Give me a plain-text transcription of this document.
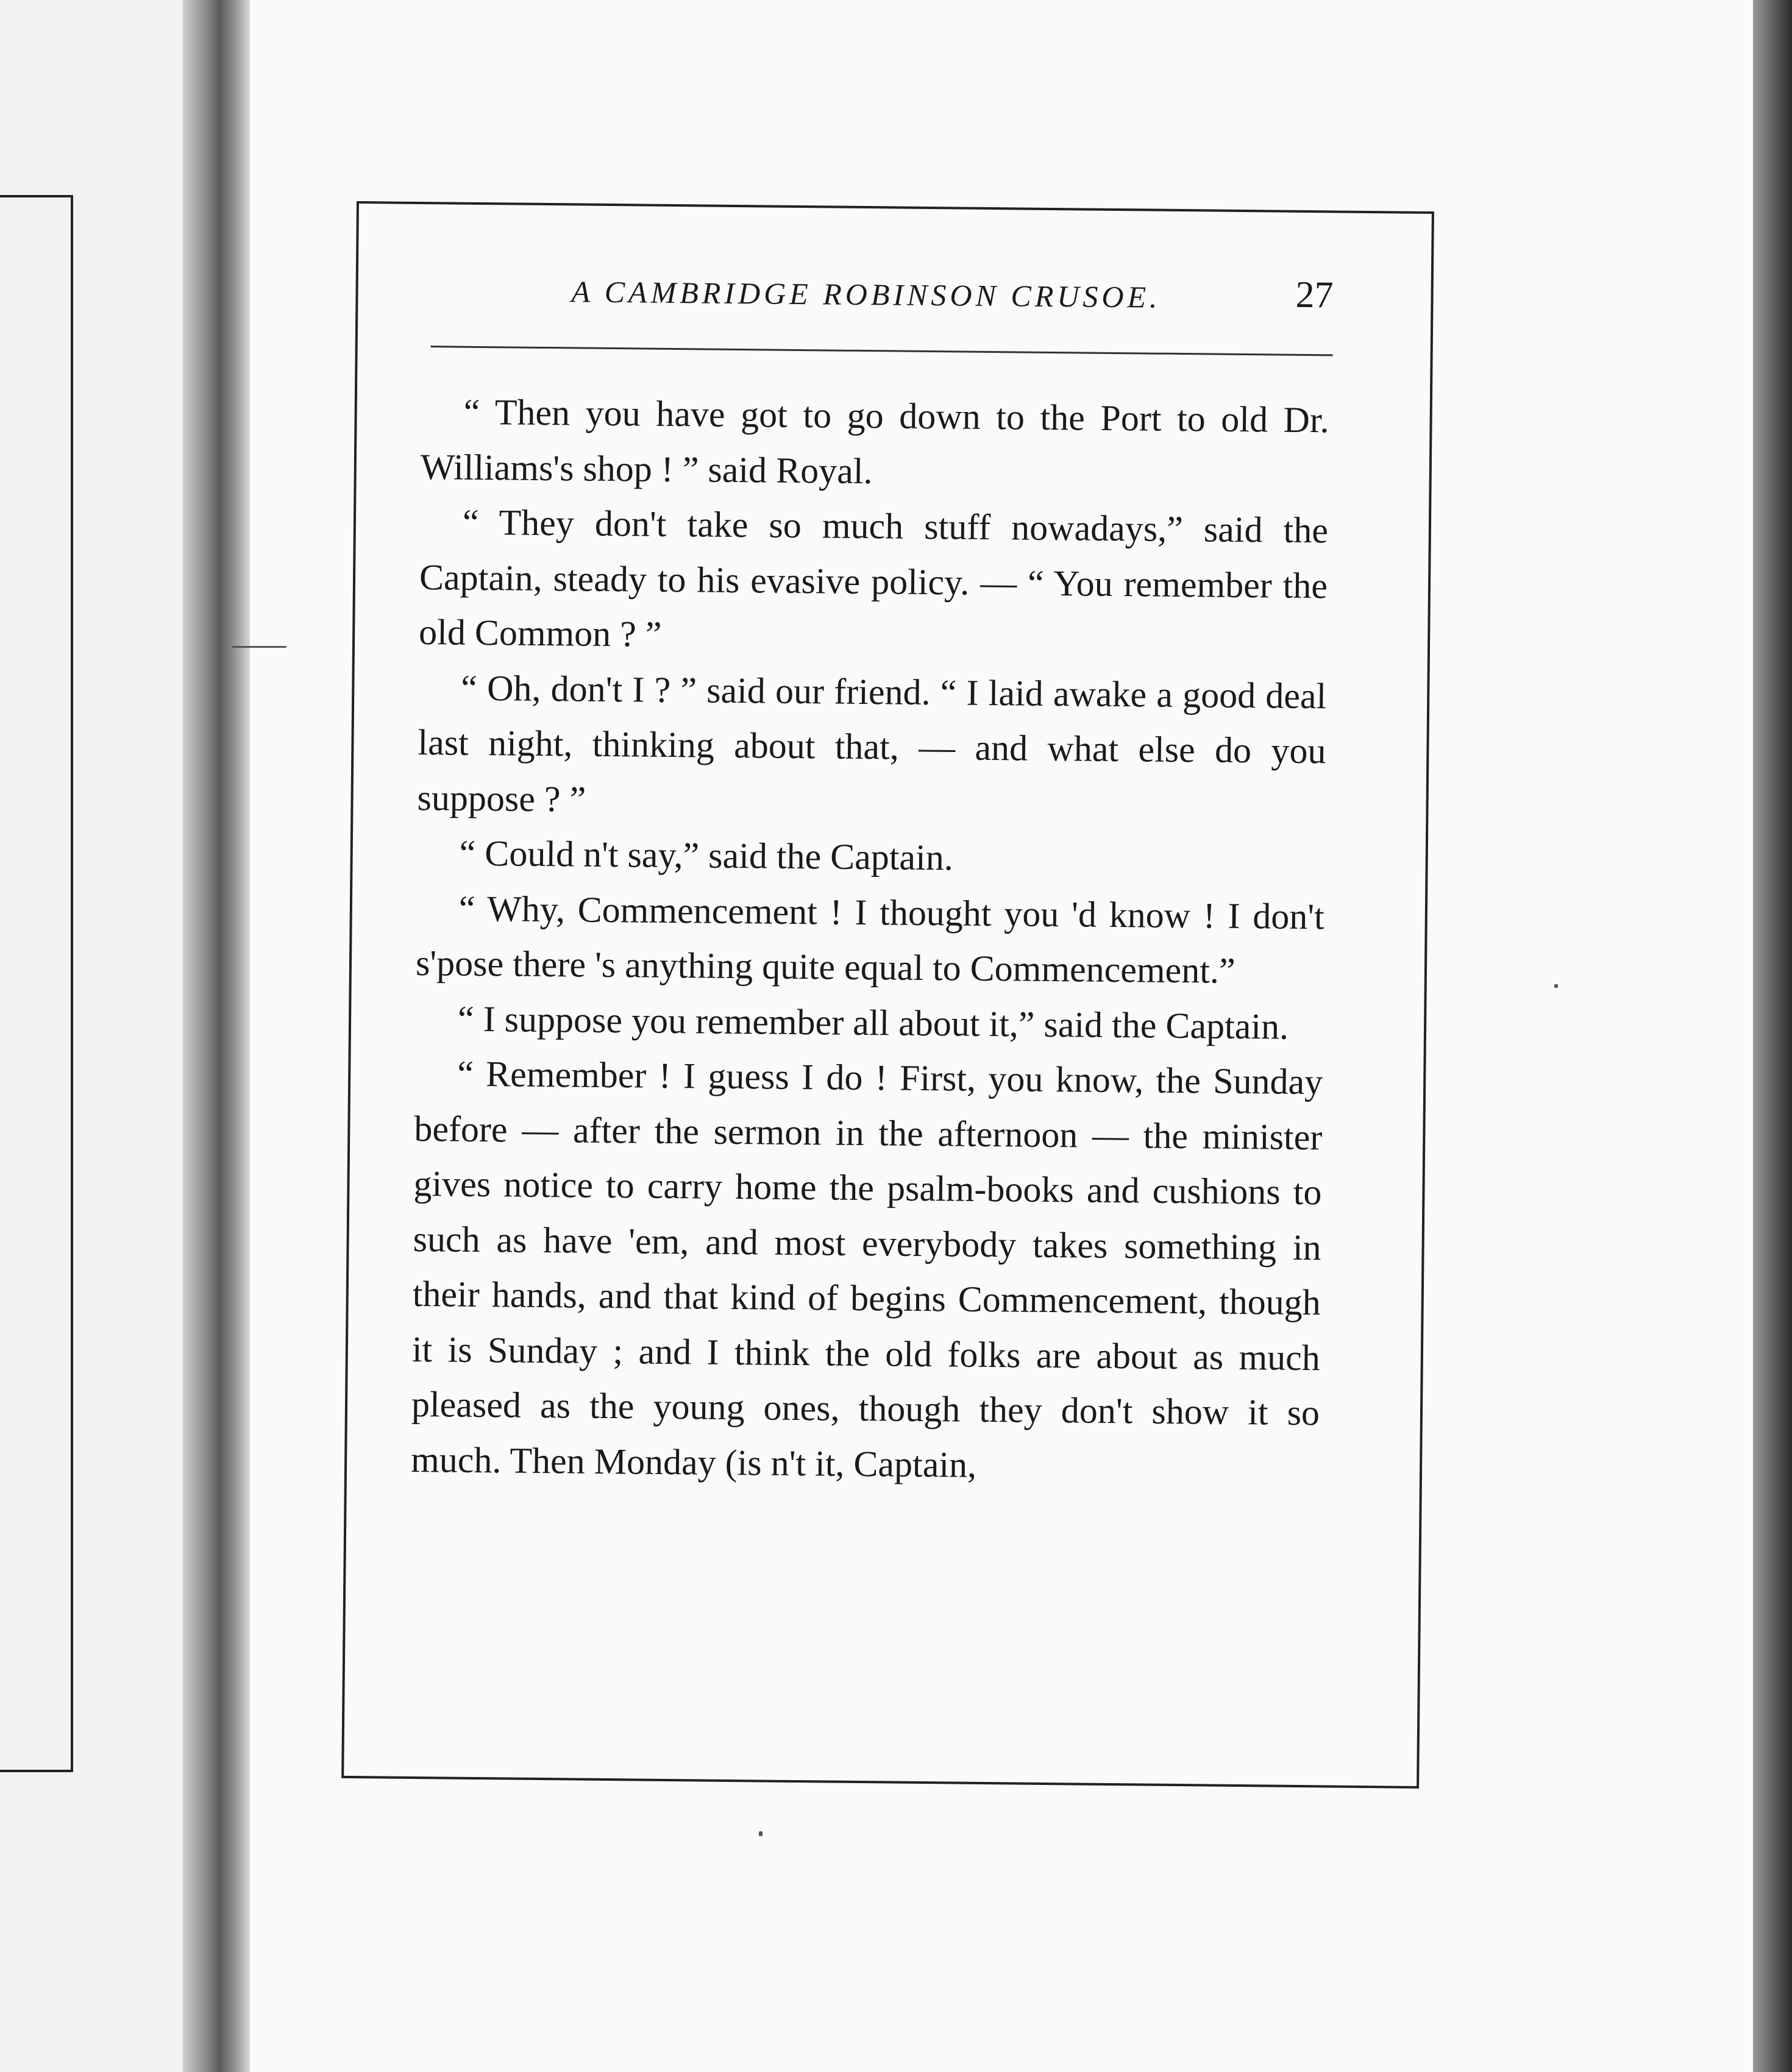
A CAMBRIDGE ROBINSON CRUSOE.	27

“ Then you have got to go down to the Port to old Dr. Williams's shop ! ” said Royal.

“ They don't take so much stuff nowadays,” said the Captain, steady to his evasive policy. — “ You remember the old Common ? ”

“ Oh, don't I ? ” said our friend. “ I laid awake a good deal last night, thinking about that, — and what else do you suppose ? ”

“ Could n't say,” said the Captain.

“ Why, Commencement ! I thought you 'd know ! I don't s'pose there 's anything quite equal to Commencement.”

“ I suppose you remember all about it,” said the Captain.

“ Remember ! I guess I do ! First, you know, the Sunday before — after the sermon in the afternoon — the minister gives notice to carry home the psalm-books and cushions to such as have 'em, and most everybody takes something in their hands, and that kind of begins Commencement, though it is Sunday ; and I think the old folks are about as much pleased as the young ones, though they don't show it so much. Then Monday (is n't it, Captain,
